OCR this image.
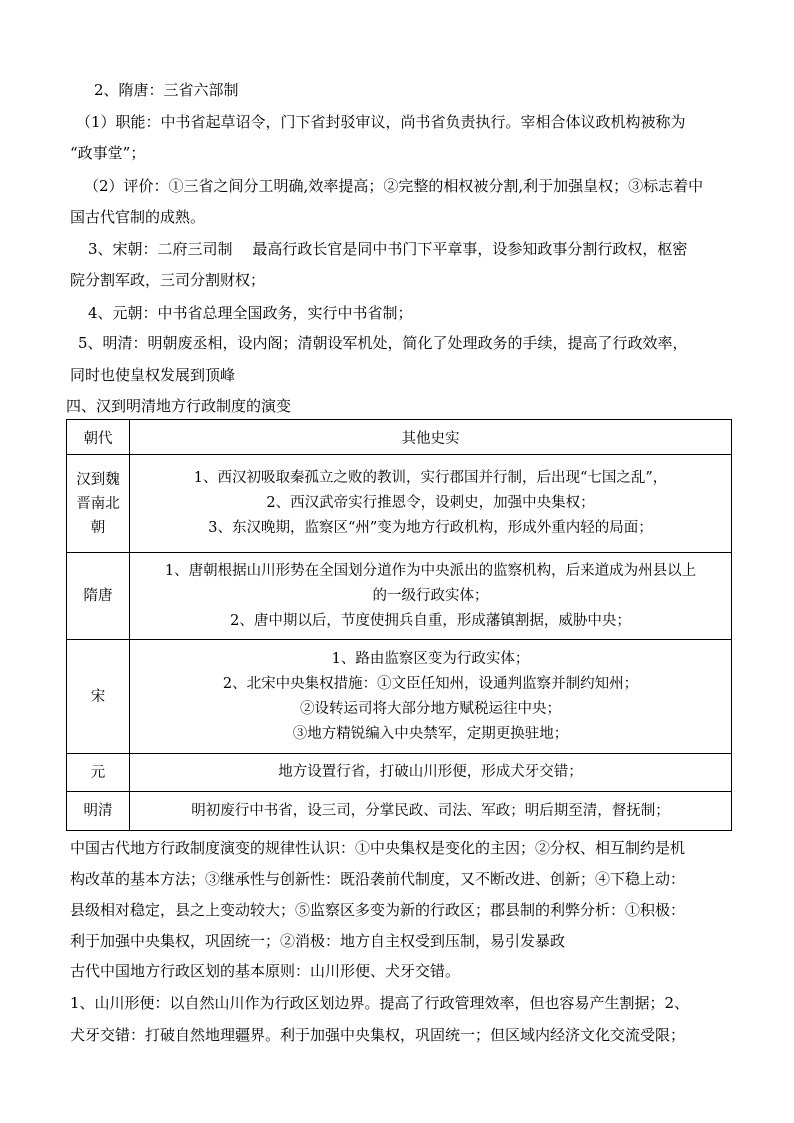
2、隋唐：三省六部制
（1）职能：中书省起草诏令，门下省封驳审议，尚书省负责执行。宰相合体议政机构被称为
“政事堂”；
（2）评价：①三省之间分工明确,效率提高；②完整的相权被分割,利于加强皇权；③标志着中
国古代官制的成熟。
3、宋朝：二府三司制　 最高行政长官是同中书门下平章事，设参知政事分割行政权，枢密
院分割军政，三司分割财权；
4、元朝：中书省总理全国政务，实行中书省制；
5、明清：明朝废丞相，设内阁；清朝设军机处，简化了处理政务的手续，提高了行政效率，
同时也使皇权发展到顶峰
四、汉到明清地方行政制度的演变
朝代	其他史实

汉到魏
晋南北
朝	1、西汉初吸取秦孤立之败的教训，实行郡国并行制，后出现“七国之乱”，
2、西汉武帝实行推恩令，设刺史，加强中央集权；
3、东汉晚期，监察区“州”变为地方行政机构，形成外重内轻的局面；

隋唐	1、唐朝根据山川形势在全国划分道作为中央派出的监察机构，后来道成为州县以上
的一级行政实体；
2、唐中期以后，节度使拥兵自重，形成藩镇割据，威胁中央；

宋	1、路由监察区变为行政实体；
2、北宋中央集权措施：①文臣任知州，设通判监察并制约知州；
②设转运司将大部分地方赋税运往中央；
③地方精锐编入中央禁军，定期更换驻地；

元	地方设置行省，打破山川形便，形成犬牙交错；
明清	明初废行中书省，设三司，分掌民政、司法、军政；明后期至清，督抚制；
中国古代地方行政制度演变的规律性认识：①中央集权是变化的主因；②分权、相互制约是机
构改革的基本方法；③继承性与创新性：既沿袭前代制度，又不断改进、创新；④下稳上动：
县级相对稳定，县之上变动较大；⑤监察区多变为新的行政区；郡县制的利弊分析：①积极：
利于加强中央集权，巩固统一；②消极：地方自主权受到压制，易引发暴政
古代中国地方行政区划的基本原则：山川形便、犬牙交错。
1、山川形便：以自然山川作为行政区划边界。提高了行政管理效率，但也容易产生割据；2、
犬牙交错：打破自然地理疆界。利于加强中央集权，巩固统一；但区域内经济文化交流受限；
